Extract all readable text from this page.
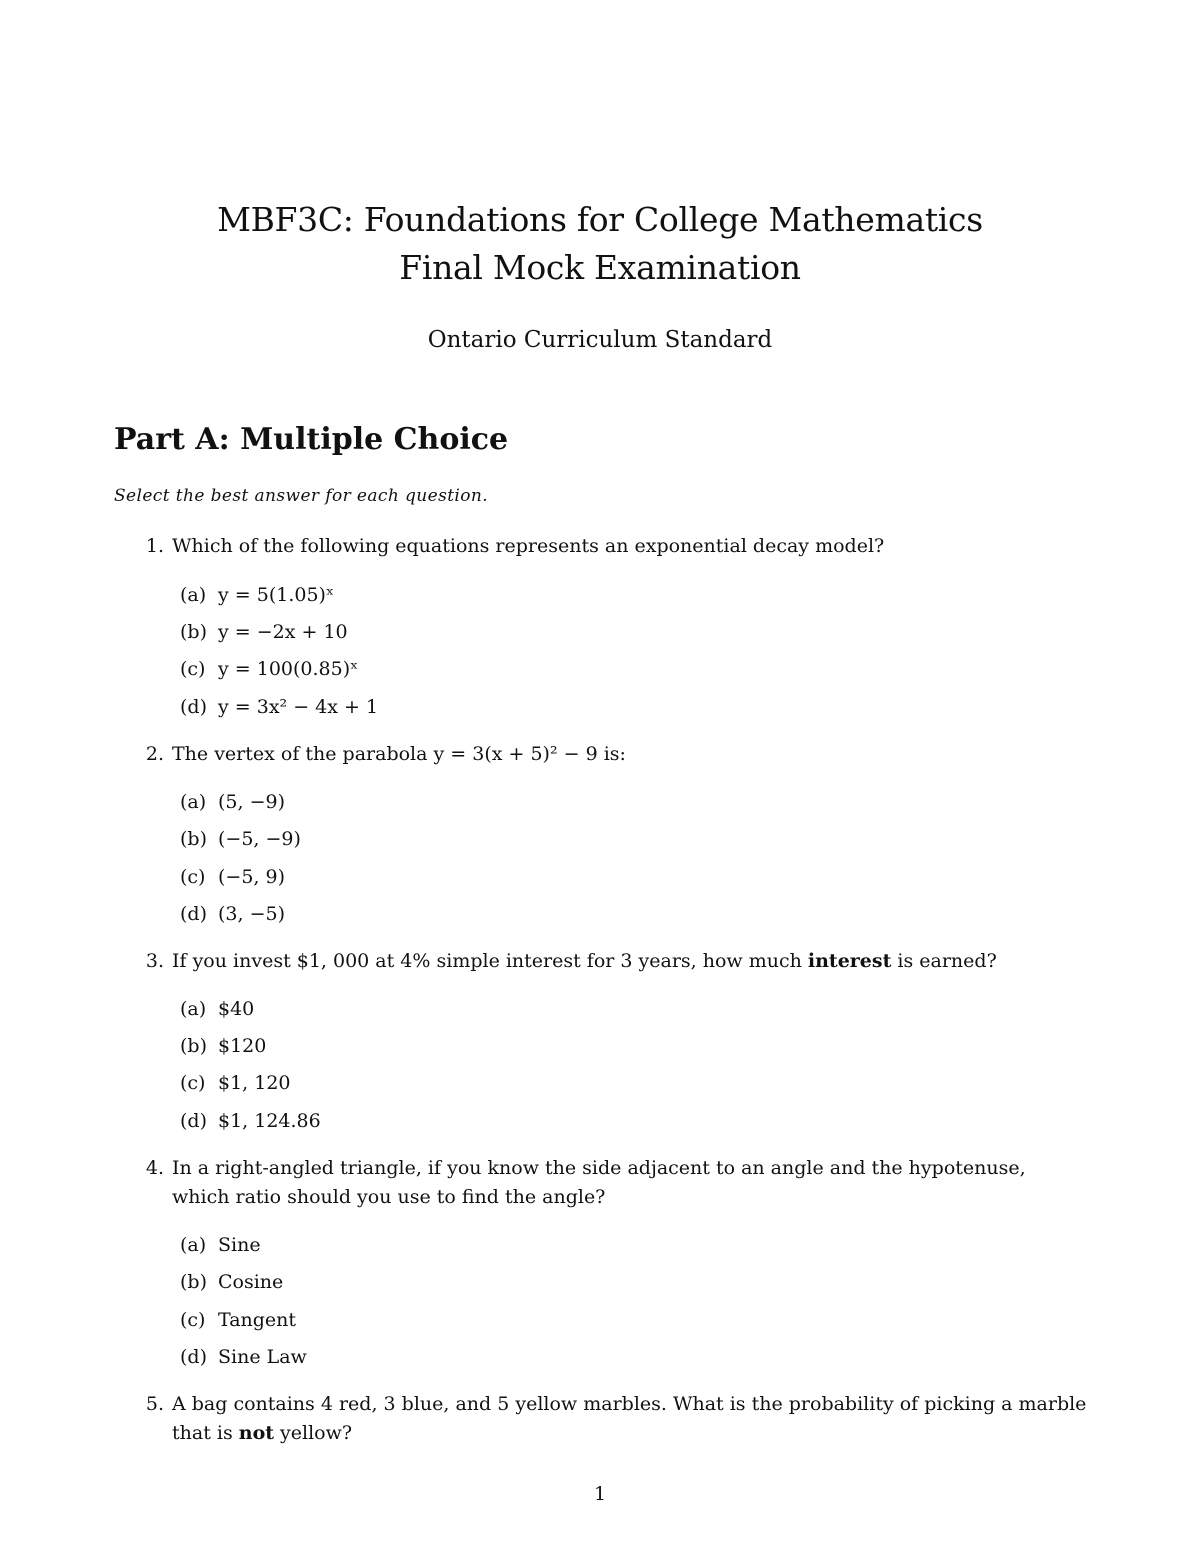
MBF3C: Foundations for College Mathematics
Final Mock Examination
Ontario Curriculum Standard
Part A: Multiple Choice
Select the best answer for each question.
1. Which of the following equations represents an exponential decay model?
(a) y = 5(1.05)ˣ
(b) y = −2x + 10
(c) y = 100(0.85)ˣ
(d) y = 3x² − 4x + 1
2. The vertex of the parabola y = 3(x + 5)² − 9 is:
(a) (5, −9)
(b) (−5, −9)
(c) (−5, 9)
(d) (3, −5)
3. If you invest $1, 000 at 4% simple interest for 3 years, how much interest is earned?
(a) $40
(b) $120
(c) $1, 120
(d) $1, 124.86
4. In a right-angled triangle, if you know the side adjacent to an angle and the hypotenuse, which ratio should you use to find the angle?
(a) Sine
(b) Cosine
(c) Tangent
(d) Sine Law
5. A bag contains 4 red, 3 blue, and 5 yellow marbles. What is the probability of picking a marble that is not yellow?
1
